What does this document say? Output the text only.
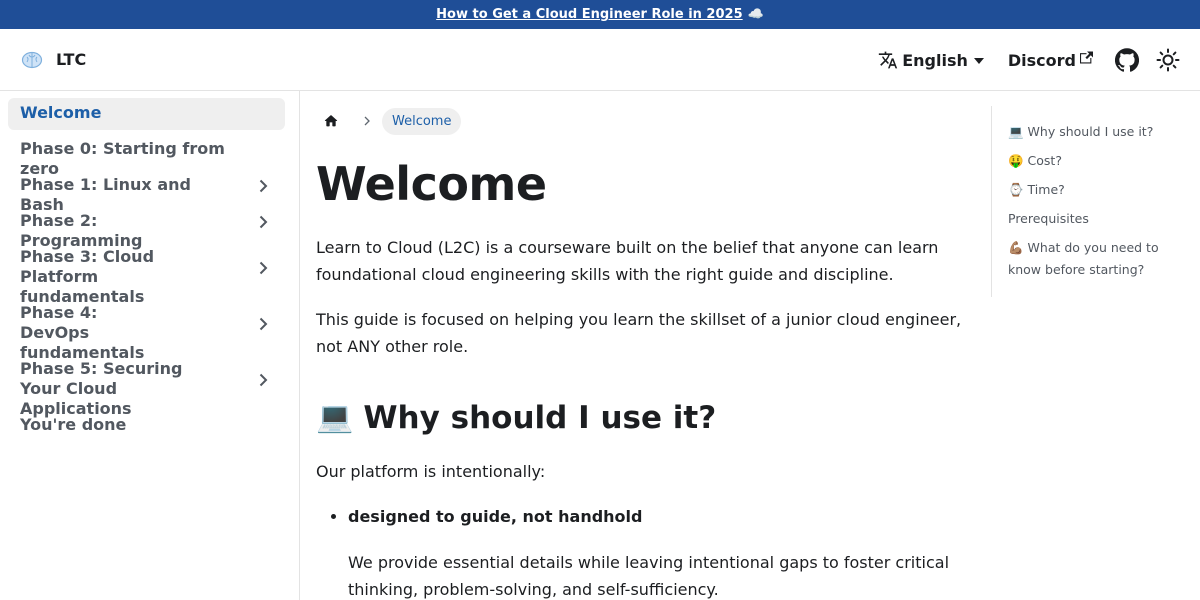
How to Get a Cloud Engineer Role in 2025 ☁️
LTC	English	Discord
Welcome
Phase 0: Starting from zero
Phase 1: Linux and Bash
Phase 2: Programming
Phase 3: Cloud Platform fundamentals
Phase 4: DevOps fundamentals
Phase 5: Securing Your Cloud Applications
You're done
Welcome
Welcome

Learn to Cloud (L2C) is a courseware built on the belief that anyone can learn foundational cloud engineering skills with the right guide and discipline.

This guide is focused on helping you learn the skillset of a junior cloud engineer, not ANY other role.

💻 Why should I use it?

Our platform is intentionally:

• designed to guide, not handhold

We provide essential details while leaving intentional gaps to foster critical thinking, problem-solving, and self-sufficiency.

💻 Why should I use it?
🤑 Cost?
⌚ Time?
Prerequisites
💪🏽 What do you need to know before starting?
